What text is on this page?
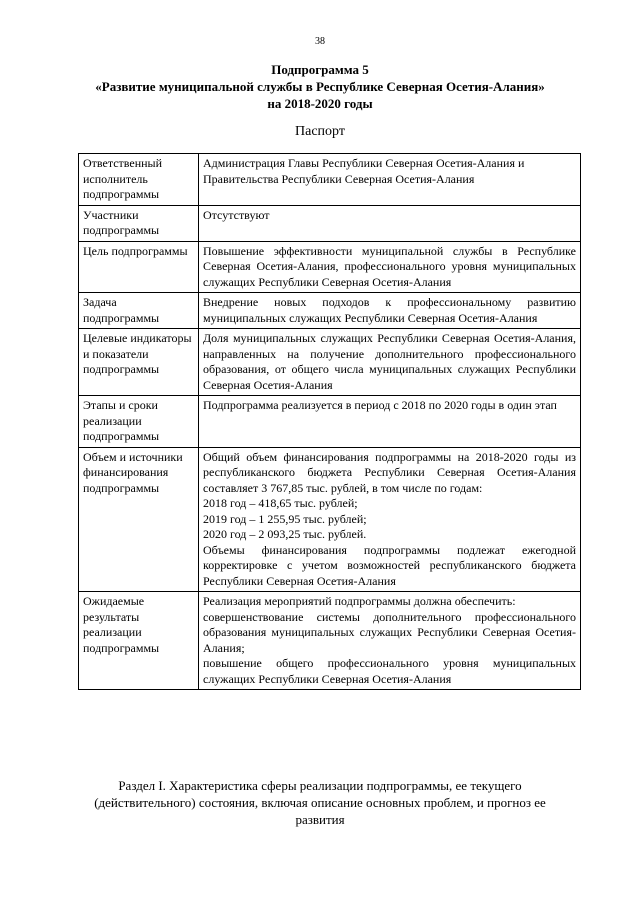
38
Подпрограмма 5
«Развитие муниципальной службы в Республике Северная Осетия-Алания»
на 2018-2020 годы
Паспорт
Ответственный исполнитель подпрограммы	Администрация Главы Республики Северная Осетия-Алания и Правительства Республики Северная Осетия-Алания
Участники подпрограммы	Отсутствуют
Цель подпрограммы	Повышение эффективности муниципальной службы в Республике Северная Осетия-Алания, профессионального уровня муниципальных служащих Республики Северная Осетия-Алания
Задача подпрограммы	Внедрение новых подходов к профессиональному развитию муниципальных служащих Республики Северная Осетия-Алания
Целевые индикаторы и показатели подпрограммы	Доля муниципальных служащих Республики Северная Осетия-Алания, направленных на получение дополнительного профессионального образования, от общего числа муниципальных служащих Республики Северная Осетия-Алания
Этапы и сроки реализации подпрограммы	Подпрограмма реализуется в период с 2018 по 2020 годы в один этап
Объем и источники финансирования подпрограммы	Общий объем финансирования подпрограммы на 2018-2020 годы из республиканского бюджета Республики Северная Осетия-Алания составляет 3 767,85 тыс. рублей, в том числе по годам:
2018 год – 418,65 тыс. рублей;
2019 год – 1 255,95 тыс. рублей;
2020 год – 2 093,25 тыс. рублей.
Объемы финансирования подпрограммы подлежат ежегодной корректировке с учетом возможностей республиканского бюджета Республики Северная Осетия-Алания

Ожидаемые результаты реализации подпрограммы	Реализация мероприятий подпрограммы должна обеспечить:
совершенствование системы дополнительного профессионального образования муниципальных служащих Республики Северная Осетия-Алания;
повышение общего профессионального уровня муниципальных служащих Республики Северная Осетия-Алания
Раздел I. Характеристика сферы реализации подпрограммы, ее текущего
(действительного) состояния, включая описание основных проблем, и прогноз ее
развития
